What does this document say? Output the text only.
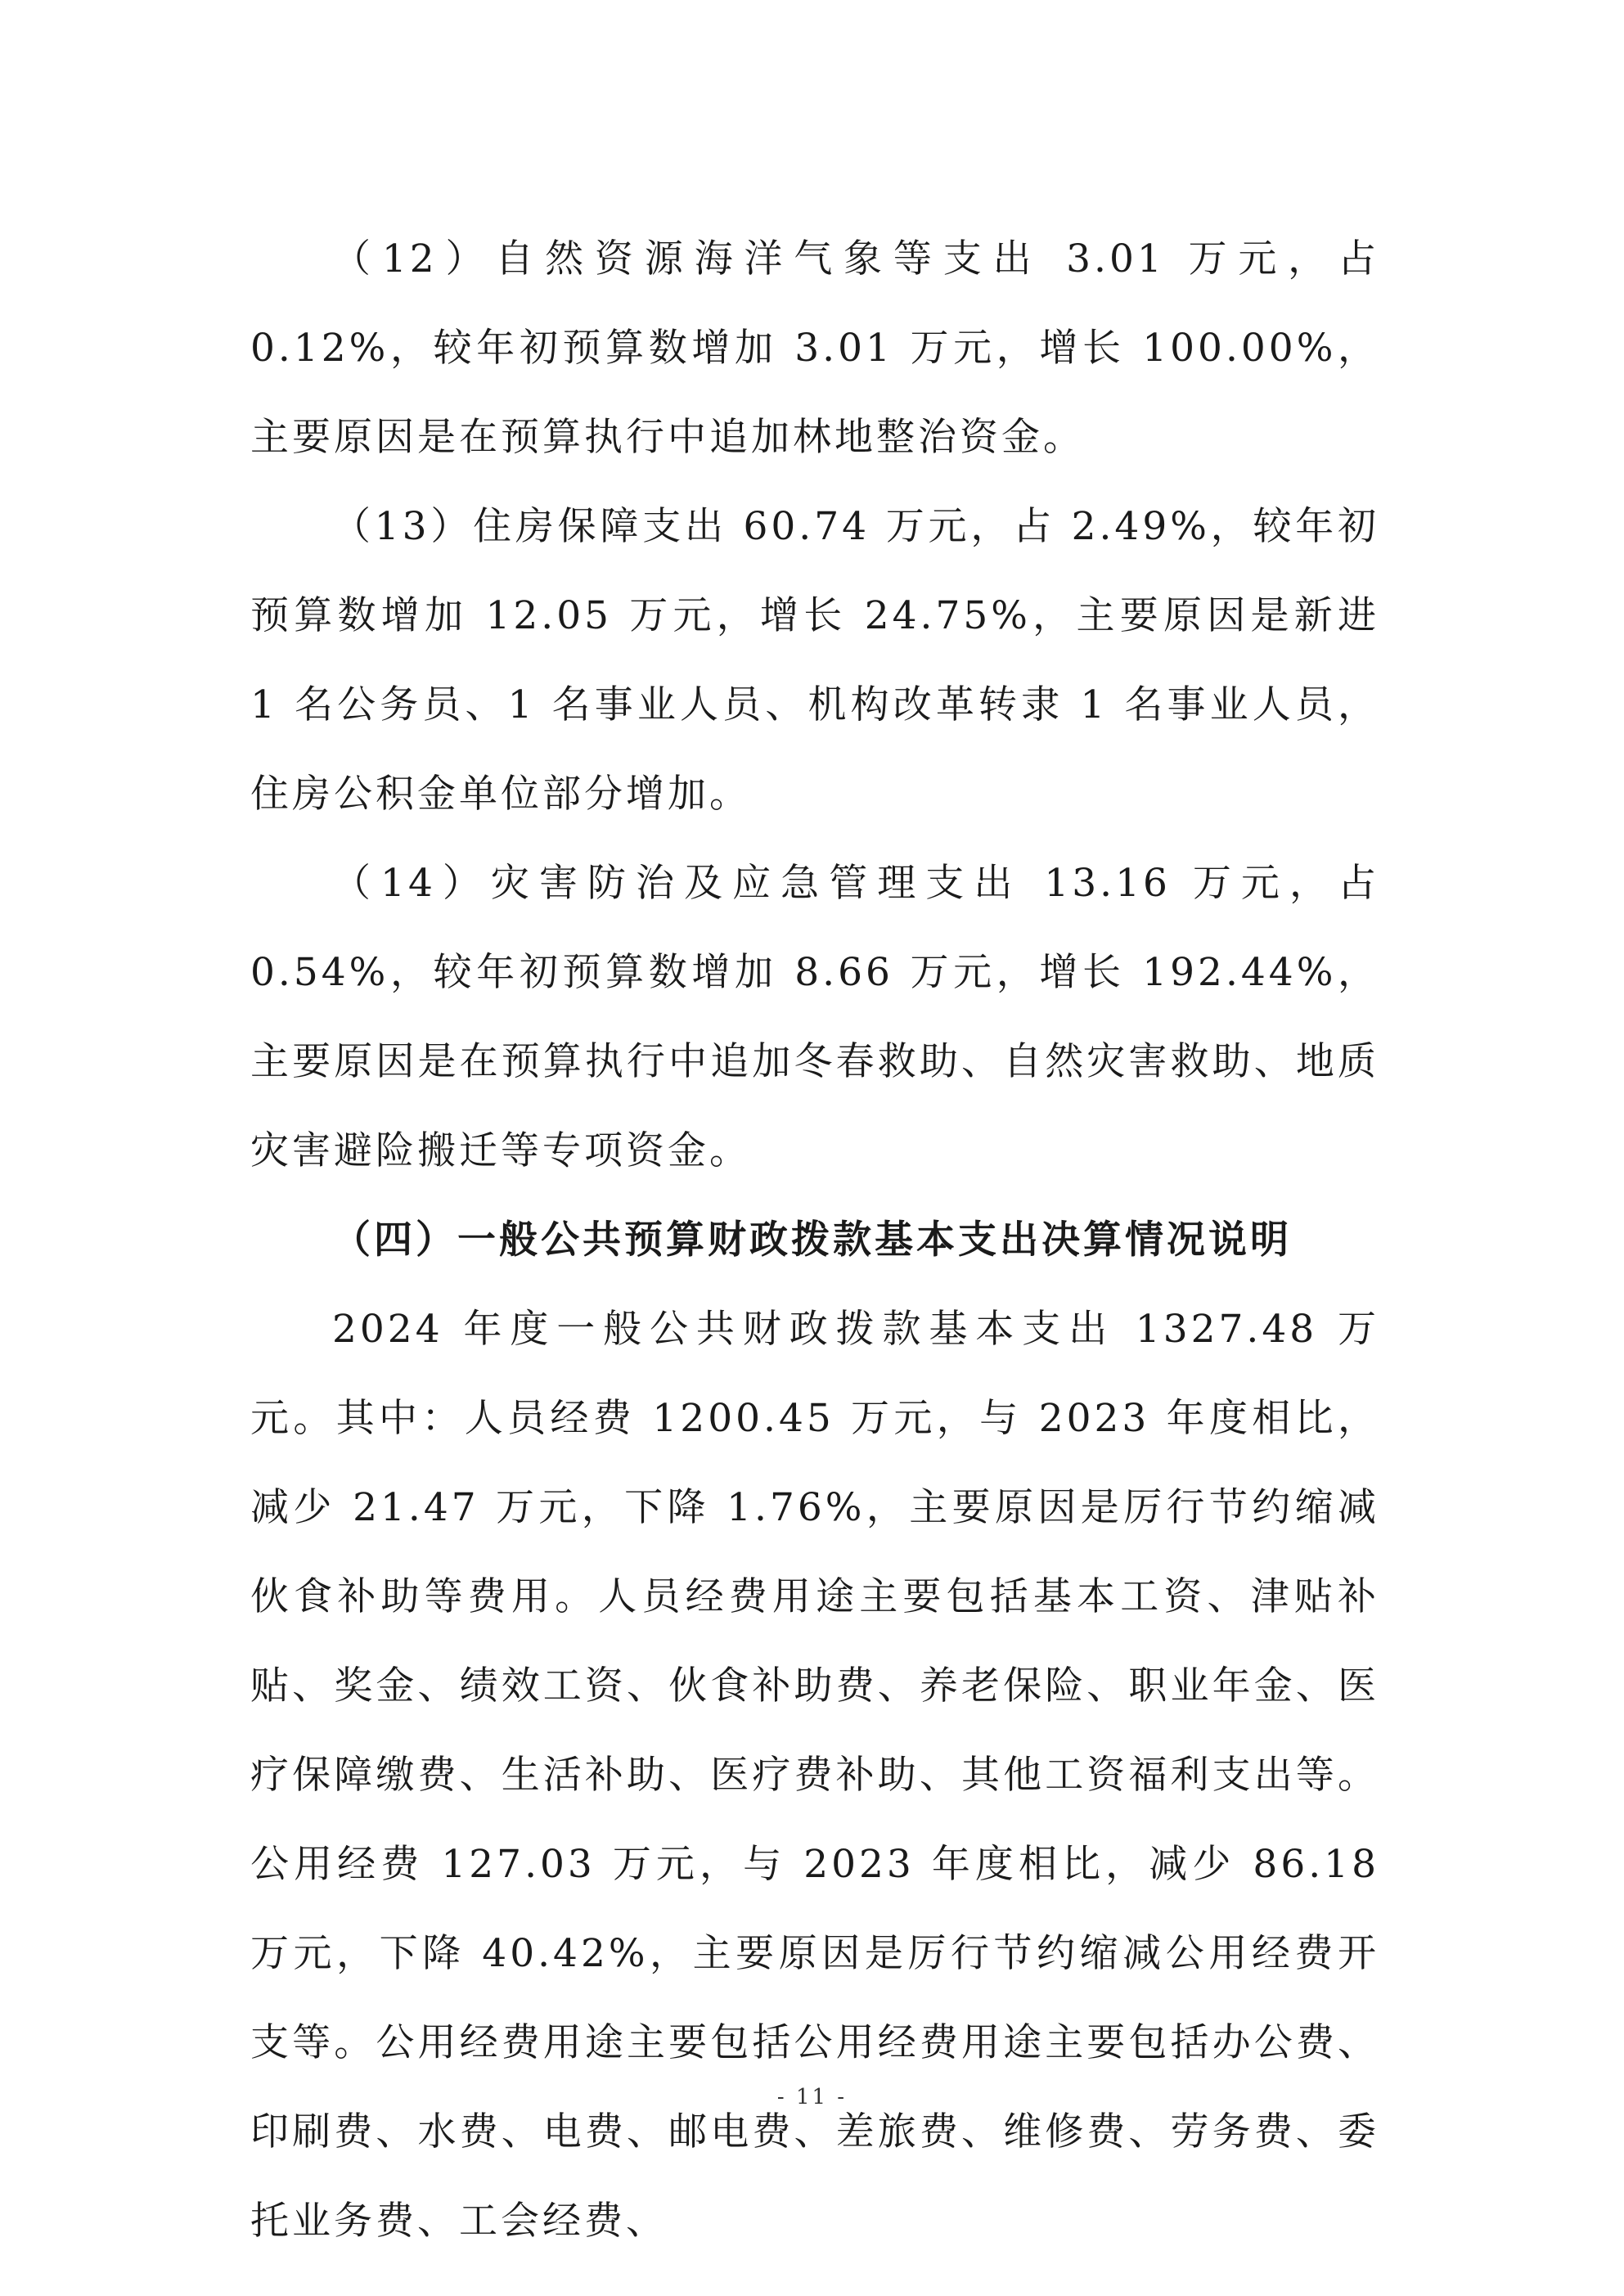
（12）自然资源海洋气象等支出 3.01 万元，占 0.12%，较年初预算数增加 3.01 万元，增长 100.00%，主要原因是在预算执行中追加林地整治资金。

（13）住房保障支出 60.74 万元，占 2.49%，较年初预算数增加 12.05 万元，增长 24.75%，主要原因是新进 1 名公务员、1 名事业人员、机构改革转隶 1 名事业人员，住房公积金单位部分增加。

（14）灾害防治及应急管理支出 13.16 万元，占 0.54%，较年初预算数增加 8.66 万元，增长 192.44%，主要原因是在预算执行中追加冬春救助、自然灾害救助、地质灾害避险搬迁等专项资金。

（四）一般公共预算财政拨款基本支出决算情况说明

2024 年度一般公共财政拨款基本支出 1327.48 万元。其中：人员经费 1200.45 万元，与 2023 年度相比，减少 21.47 万元，下降 1.76%，主要原因是厉行节约缩减伙食补助等费用。人员经费用途主要包括基本工资、津贴补贴、奖金、绩效工资、伙食补助费、养老保险、职业年金、医疗保障缴费、生活补助、医疗费补助、其他工资福利支出等。公用经费 127.03 万元，与 2023 年度相比，减少 86.18 万元，下降 40.42%，主要原因是厉行节约缩减公用经费开支等。公用经费用途主要包括公用经费用途主要包括办公费、印刷费、水费、电费、邮电费、差旅费、维修费、劳务费、委托业务费、工会经费、

- 11 -
